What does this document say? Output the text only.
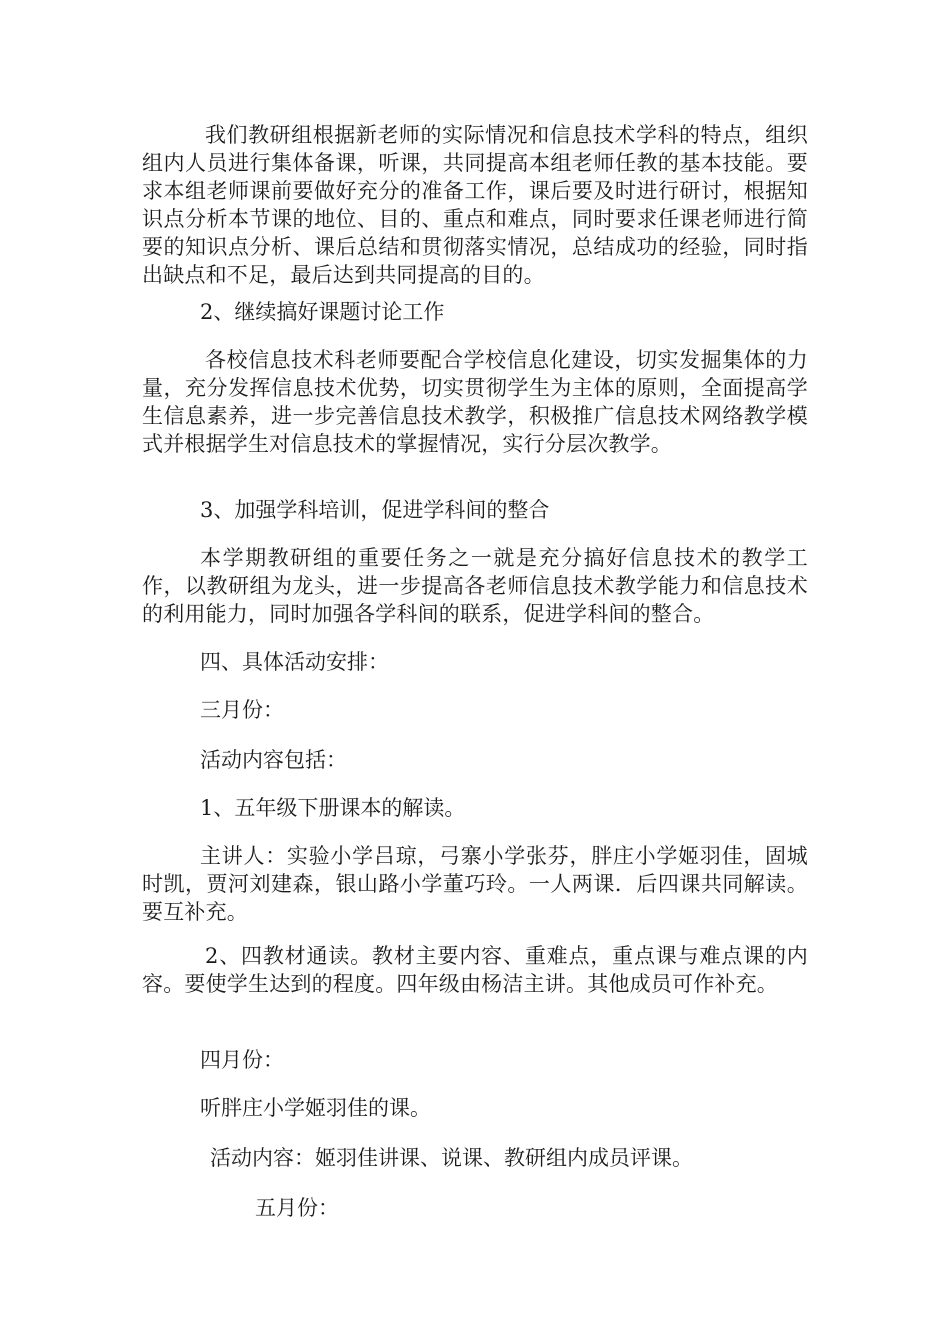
我们教研组根据新老师的实际情况和信息技术学科的特点，组织组内人员进行集体备课，听课，共同提高本组老师任教的基本技能。要求本组老师课前要做好充分的准备工作，课后要及时进行研讨，根据知识点分析本节课的地位、目的、重点和难点，同时要求任课老师进行简要的知识点分析、课后总结和贯彻落实情况，总结成功的经验，同时指出缺点和不足，最后达到共同提高的目的。

2、继续搞好课题讨论工作

各校信息技术科老师要配合学校信息化建设，切实发掘集体的力量，充分发挥信息技术优势，切实贯彻学生为主体的原则，全面提高学生信息素养，进一步完善信息技术教学，积极推广信息技术网络教学模式并根据学生对信息技术的掌握情况，实行分层次教学。

3、加强学科培训，促进学科间的整合

本学期教研组的重要任务之一就是充分搞好信息技术的教学工作，以教研组为龙头，进一步提高各老师信息技术教学能力和信息技术的利用能力，同时加强各学科间的联系，促进学科间的整合。

四、具体活动安排：

三月份：

活动内容包括：

1、五年级下册课本的解读。

主讲人：实验小学吕琼，弓寨小学张芬，胖庄小学姬羽佳，固城时凯，贾河刘建森，银山路小学董巧玲。一人两课．后四课共同解读。要互补充。

2、四教材通读。教材主要内容、重难点，重点课与难点课的内容。要使学生达到的程度。四年级由杨洁主讲。其他成员可作补充。

四月份：

听胖庄小学姬羽佳的课。

活动内容：姬羽佳讲课、说课、教研组内成员评课。

五月份：
